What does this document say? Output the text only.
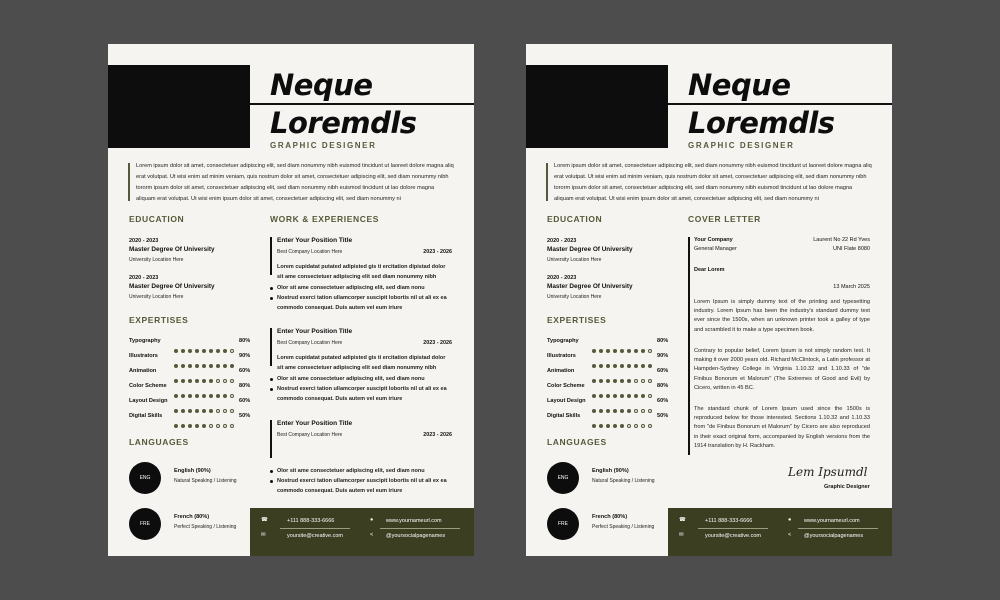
Neque
Loremdls
GRAPHIC DESIGNER

Lorem ipsum dolor sit amet, consectetuer adipiscing elit, sed diam nonummy nibh euismod tincidunt ut laoreet dolore magna aliq erat volutpat. Ut wisi enim ad minim veniam, quis nostrum dolor sit amet, consectetuer adipiscing elit, sed diam nonummy nibh tororm ipsum dolor sit amet, consectetuer adipiscing elit, sed diam nonummy nibh euismod tincidunt ut lao dolore magna aliquam erat volutpat. Ut wisi enim ipsum dolor sit amet, consectetuer adipiscing elit, sed diam nonummy ni

EDUCATION
2020 - 2023
Master Degree Of University
University Location Here
2020 - 2023
Master Degree Of University
University Location Here
EXPERTISES
Typography	80%
Illustrators	90%
Animation	60%
Color Scheme	80%
Layout Design	60%
Digital Skills	50%
LANGUAGES
ENG
English (90%)
Natural Speaking / Listening
FRE
French (80%)
Perfect Speaking / Listening
WORK & EXPERIENCES
Enter Your Position Title
Best Company Location Here	2023 - 2026

Lorem cupidatat putated adipisted gis ti ercitation dipistad dolor sit ame consectetuer adipiscing elit sed diam nonummy nibh

Olor sit ame consectetuer adipiscing elit, sed diam nonu

Nostrud exerci tation ullamcorper suscipit lobortis nil ut ali ex ea commodo consequat. Duis autem vel eum iriure

Enter Your Position Title
Best Company Location Here	2023 - 2026

Lorem cupidatat putated adipisted gis ti ercitation dipistad dolor sit ame consectetuer adipiscing elit sed diam nonummy nibh

Olor sit ame consectetuer adipiscing elit, sed diam nonu

Nostrud exerci tation ullamcorper suscipit lobortis nil ut ali ex ea commodo consequat. Duis autem vel eum iriure

Enter Your Position Title
Best Company Location Here	2023 - 2026

Olor sit ame consectetuer adipiscing elit, sed diam nonu

Nostrud exerci tation ullamcorper suscipit lobortis nil ut ali ex ea commodo consequat. Duis autem vel eum iriure

☎	+111 888-333-6666	● www.yournameurl.com
✉	yoursite@creative.com	< @yoursocialpagenames
Neque
Loremdls
GRAPHIC DESIGNER

Lorem ipsum dolor sit amet, consectetuer adipiscing elit, sed diam nonummy nibh euismod tincidunt ut laoreet dolore magna aliq erat volutpat. Ut wisi enim ad minim veniam, quis nostrum dolor sit amet, consectetuer adipiscing elit, sed diam nonummy nibh tororm ipsum dolor sit amet, consectetuer adipiscing elit, sed diam nonummy nibh euismod tincidunt ut lao dolore magna aliquam erat volutpat. Ut wisi enim ipsum dolor sit amet, consectetuer adipiscing elit, sed diam nonummy ni

EDUCATION
2020 - 2023
Master Degree Of University
University Location Here
2020 - 2023
Master Degree Of University
University Location Here
EXPERTISES
Typography	80%
Illustrators	90%
Animation	60%
Color Scheme	80%
Layout Design	60%
Digital Skills	50%
LANGUAGES
ENG
English (90%)
Natural Speaking / Listening
FRE
French (80%)
Perfect Speaking / Listening
COVER LETTER
Your Company
General Manager
Laurent No 22 Rd Yves
UNI Flate 8080
Dear Lorem
13 March 2025

Lorem Ipsum is simply dummy text of the printing and typesetting industry. Lorem Ipsum has been the industry's standard dummy text ever since the 1500s, when an unknown printer took a galley of type and scrambled it to make a type specimen book.

Contrary to popular belief, Lorem Ipsum is not simply random text. It making it over 2000 years old. Richard McClintock, a Latin professor at Hampden-Sydney College in Virginia 1.10.32 and 1.10.33 of "de Finibus Bonorum et Malorum" (The Extremes of Good and Evil) by Cicero, written in 45 BC.

The standard chunk of Lorem Ipsum used since the 1500s is reproduced below for those interested. Sections 1.10.32 and 1.10.33 from "de Finibus Bonorum et Malorum" by Cicero are also reproduced in their exact original form, accompanied by English versions from the 1914 translation by H. Rackham.

Lem Ipsumdl
Graphic Designer
☎	+111 888-333-6666	● www.yournameurl.com
✉	yoursite@creative.com	< @yoursocialpagenames
